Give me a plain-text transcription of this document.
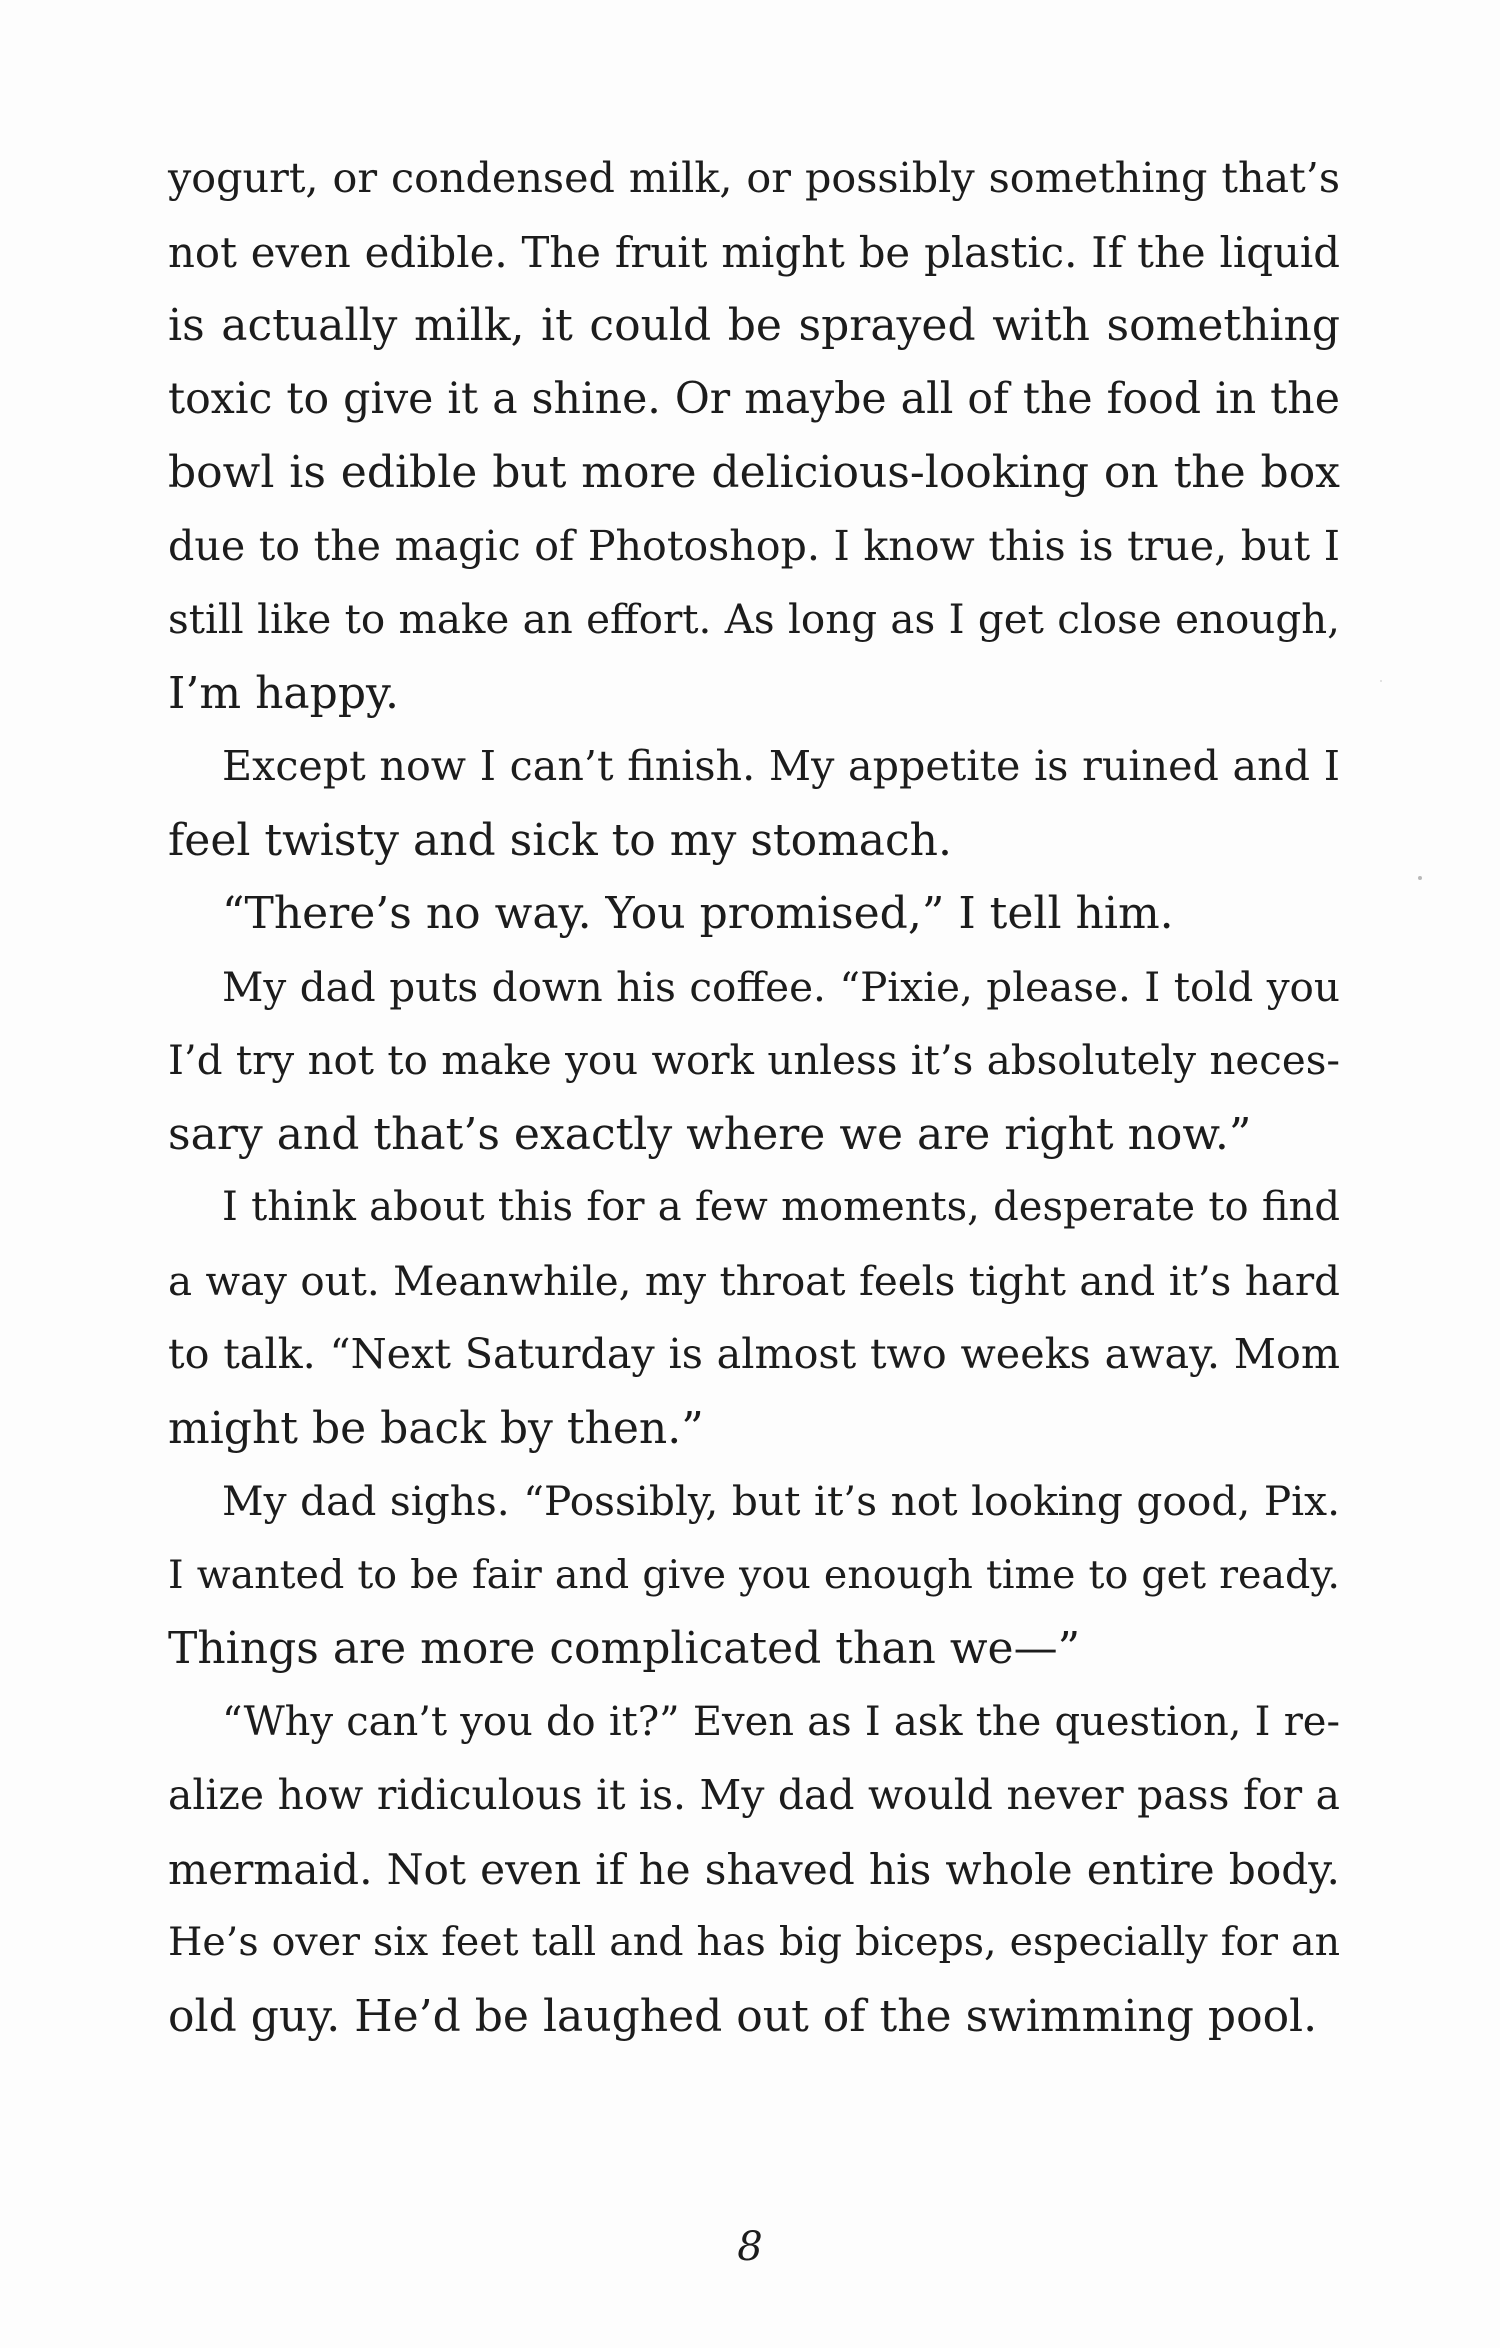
yogurt, or condensed milk, or possibly something that’s
not even edible. The fruit might be plastic. If the liquid
is actually milk, it could be sprayed with something
toxic to give it a shine. Or maybe all of the food in the
bowl is edible but more delicious-looking on the box
due to the magic of Photoshop. I know this is true, but I
still like to make an effort. As long as I get close enough,
I’m happy.
Except now I can’t finish. My appetite is ruined and I
feel twisty and sick to my stomach.
“There’s no way. You promised,” I tell him.
My dad puts down his coffee. “Pixie, please. I told you
I’d try not to make you work unless it’s absolutely neces-
sary and that’s exactly where we are right now.”
I think about this for a few moments, desperate to find
a way out. Meanwhile, my throat feels tight and it’s hard
to talk. “Next Saturday is almost two weeks away. Mom
might be back by then.”
My dad sighs. “Possibly, but it’s not looking good, Pix.
I wanted to be fair and give you enough time to get ready.
Things are more complicated than we—”
“Why can’t you do it?” Even as I ask the question, I re-
alize how ridiculous it is. My dad would never pass for a
mermaid. Not even if he shaved his whole entire body.
He’s over six feet tall and has big biceps, especially for an
old guy. He’d be laughed out of the swimming pool.
8
